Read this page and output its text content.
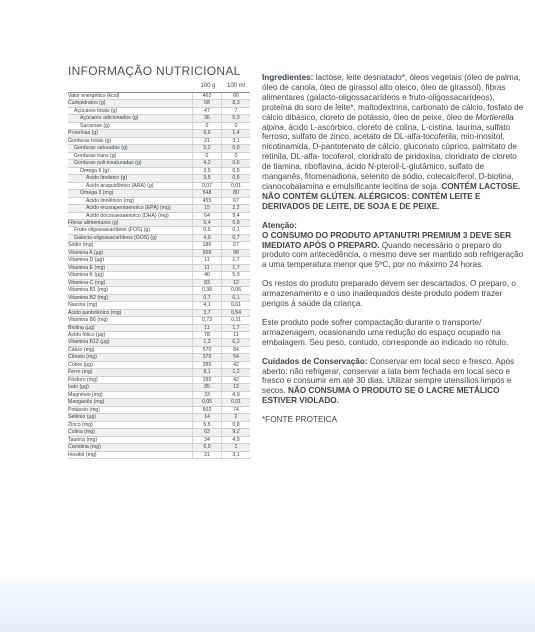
INFORMAÇÃO NUTRICIONAL
100 g	100 ml
Valor energético (kcal)	462	66
Carboidratos (g)	58	8,3
Açúcares totais (g)	47	7
Açúcares adicionados (g)	36	5,3
Sacarose (g)	0	0
Proteínas (g)	9,6	1,4
Gorduras totais (g)	21	3,1
Gorduras saturadas (g)	5,2	0,8
Gorduras trans (g)	0	0
Gorduras poli-insaturadas (g)	4,2	0,6
Ômega 6 (g)	3,5	0,5
Ácido linoleico (g)	3,5	0,5
Ácido araquidônico (ARA) (g)	0,07	0,01
Ômega 3 (mg)	548	80
Ácido linolênico (mg)	455	67
Ácido eicosapentaenoico (EPA) (mg)	15	2,2
Ácido docosaexaenoico (DHA) (mg)	64	9,4
Fibras alimentares (g)	5,4	0,8
Fruto-oligossacarídeos (FOS) (g)	0,5	0,1
Galacto-oligossacarídeos (GOS) (g)	4,9	0,7
Sódio (mg)	186	27
Vitamina A (µg)	668	98
Vitamina D (µg)	11	1,7
Vitamina E (mg)	11	1,7
Vitamina K (µg)	40	5,9
Vitamina C (mg)	83	12
Vitamina B1 (mg)	0,38	0,06
Vitamina B2 (mg)	0,7	0,1
Niacina (mg)	4,1	0,61
Ácido pantotênico (mg)	3,7	0,54
Vitamina B6 (mg)	0,73	0,11
Biotina (µg)	11	1,7
Ácido fólico (µg)	78	11
Vitamina B12 (µg)	1,3	0,2
Cálcio (mg)	570	84
Cloreto (mg)	370	54
Cobre (µg)	285	42
Ferro (mg)	8,1	1,2
Fósforo (mg)	285	42
Iodo (µg)	85	13
Magnésio (mg)	33	4,9
Manganês (mg)	0,05	0,01
Potássio (mg)	502	74
Selênio (µg)	14	2
Zinco (mg)	5,5	0,8
Colina (mg)	63	9,2
Taurina (mg)	34	4,9
Carnitina (mg)	6,9	1
Inositol (mg)	21	3,1

Ingredientes: lactose, leite desnatado*, óleos vegetais (óleo de palma, óleo de canola, óleo de girassol alto oleico, óleo de girassol), fibras alimentares (galacto-oligossacarídeos e fruto-oligossacarídeos), proteína do soro de leite*, maltodextrina, carbonato de cálcio, fosfato de cálcio dibásico, cloreto de potássio, óleo de peixe, óleo de Mortierella alpina, ácido L-ascórbico, cloreto de colina, L-cistina, taurina, sulfato ferroso, sulfato de zinco, acetato de DL-alfa-tocoferila, mio-inositol, nicotinamida, D-pantotenato de cálcio, gluconato cúprico, palmitato de retinila, DL-alfa- tocoferol, cloridrato de piridoxina, cloridrato de cloreto de tiamina, riboflavina, ácido N-pteroil-L-glutâmico, sulfato de manganês, fitomenadiona, selenito de sódio, colecalciferol, D-biotina, cianocobalamina e emulsificante lecitina de soja. CONTÉM LACTOSE. NÃO CONTÉM GLÚTEN. ALÉRGICOS: CONTÉM LEITE E DERIVADOS DE LEITE, DE SOJA E DE PEIXE.

Atenção:

O CONSUMO DO PRODUTO APTANUTRI PREMIUM 3 DEVE SER IMEDIATO APÓS O PREPARO. Quando necessário o preparo do produto com antecedência, o mesmo deve ser mantido sob refrigeração a uma temperatura menor que 5ºC, por no máximo 24 horas.

Os restos do produto preparado devem ser descartados. O preparo, o armazenamento e o uso inadequados deste produto podem trazer perigos à saúde da criança.

Este produto pode sofrer compactação durante o transporte/ armazenagem, ocasionando uma redução do espaço ocupado na embalagem. Seu peso, contudo, corresponde ao indicado no rótulo.

Cuidados de Conservação: Conservar em local seco e fresco. Após aberto: não refrigerar, conservar a lata bem fechada em local seco e fresco e consumir em até 30 dias. Utilizar sempre utensílios limpos e secos. NÃO CONSUMA O PRODUTO SE O LACRE METÁLICO ESTIVER VIOLADO.

*FONTE PROTEICA
